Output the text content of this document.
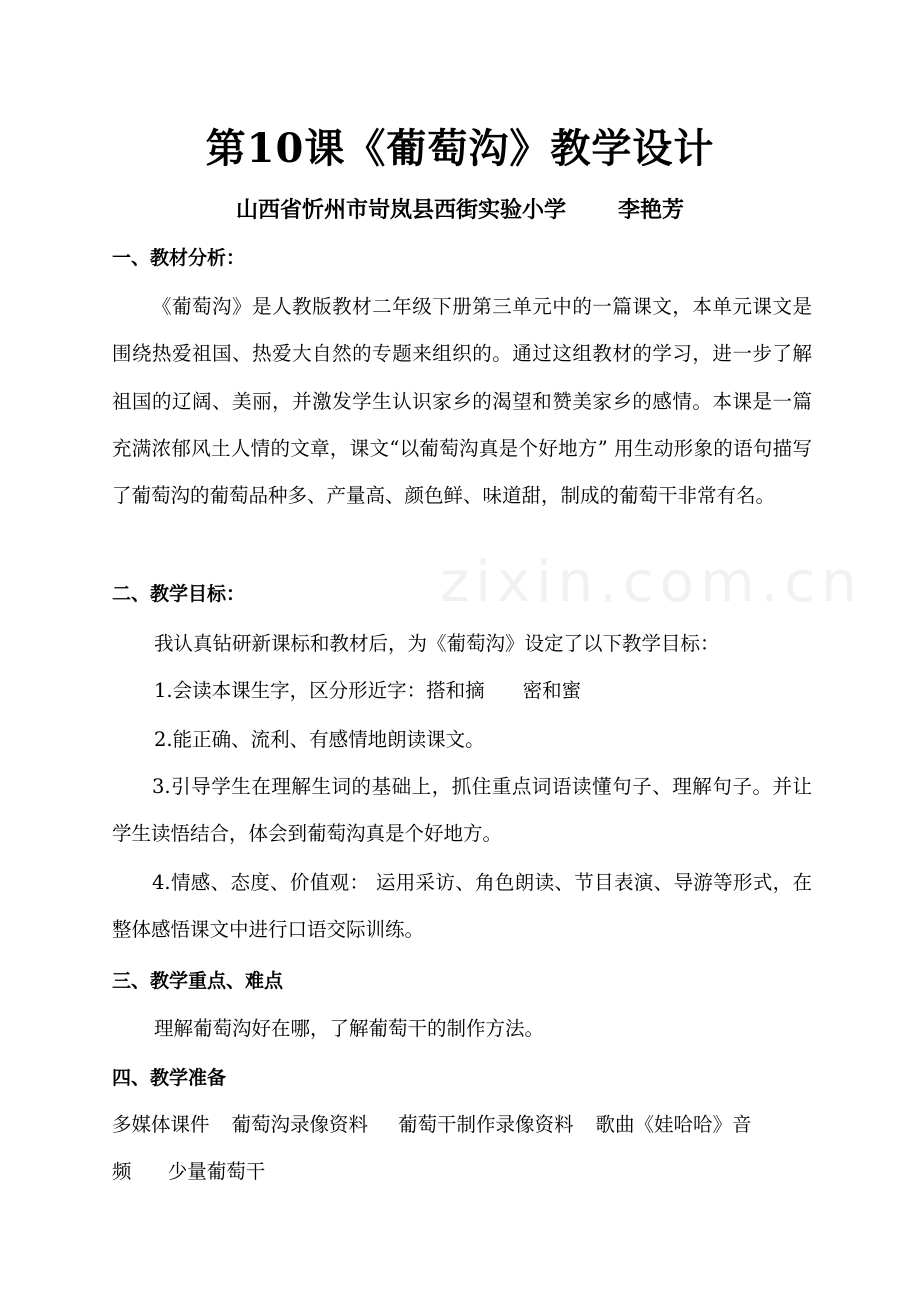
zixin.com.cn
第10课《葡萄沟》教学设计
山西省忻州市岢岚县西街实验小学 李艳芳
一、教材分析：
《葡萄沟》是人教版教材二年级下册第三单元中的一篇课文，本单元课文是围绕热爱祖国、热爱大自然的专题来组织的。通过这组教材的学习，进一步了解祖国的辽阔、美丽，并激发学生认识家乡的渴望和赞美家乡的感情。本课是一篇充满浓郁风土人情的文章，课文“以葡萄沟真是个好地方” 用生动形象的语句描写了葡萄沟的葡萄品种多、产量高、颜色鲜、味道甜，制成的葡萄干非常有名。
二、教学目标：
我认真钻研新课标和教材后，为《葡萄沟》设定了以下教学目标：
1.会读本课生字，区分形近字：搭和摘 密和蜜
2.能正确、流利、有感情地朗读课文。
3.引导学生在理解生词的基础上，抓住重点词语读懂句子、理解句子。并让学生读悟结合，体会到葡萄沟真是个好地方。
4.情感、态度、价值观： 运用采访、角色朗读、节目表演、导游等形式，在整体感悟课文中进行口语交际训练。
三、教学重点、难点
理解葡萄沟好在哪，了解葡萄干的制作方法。
四、教学准备
多媒体课件 葡萄沟录像资料 葡萄干制作录像资料 歌曲《娃哈哈》音
频 少量葡萄干
